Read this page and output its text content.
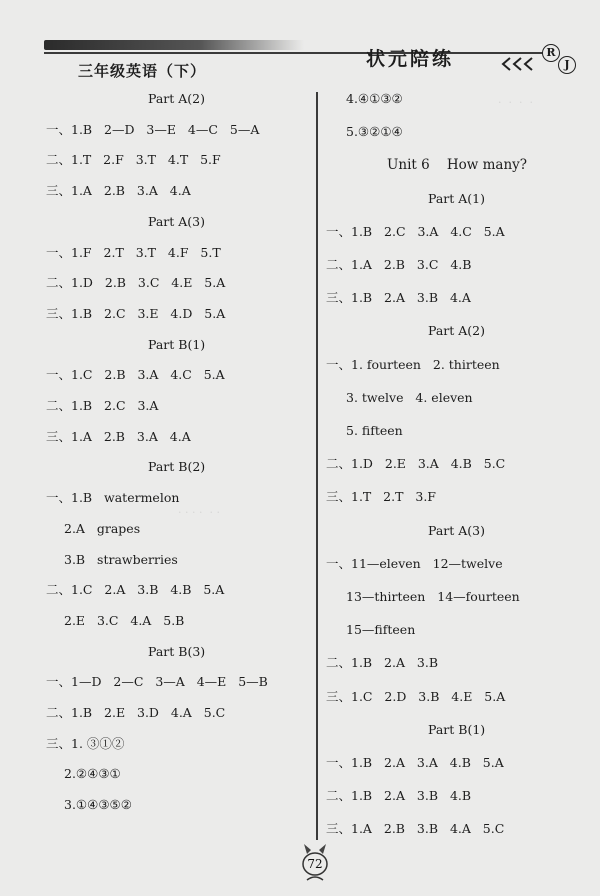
三年级英语（下）
状元陪练	R
J
·  ·  ·  ·
· · · ·  · ·
Part A(2)
一、1.B   2—D   3—E   4—C   5—A
二、1.T   2.F   3.T   4.T   5.F
三、1.A   2.B   3.A   4.A
Part A(3)
一、1.F   2.T   3.T   4.F   5.T
二、1.D   2.B   3.C   4.E   5.A
三、1.B   2.C   3.E   4.D   5.A
Part B(1)
一、1.C   2.B   3.A   4.C   5.A
二、1.B   2.C   3.A
三、1.A   2.B   3.A   4.A
Part B(2)
一、1.B   watermelon
2.A   grapes
3.B   strawberries
二、1.C   2.A   3.B   4.B   5.A
2.E   3.C   4.A   5.B
Part B(3)
一、1—D   2—C   3—A   4—E   5—B
二、1.B   2.E   3.D   4.A   5.C
三、1. ③①②
2.②④③①
3.①④③⑤②
4.④①③②
5.③②①④
Unit 6    How many?
Part A(1)
一、1.B   2.C   3.A   4.C   5.A
二、1.A   2.B   3.C   4.B
三、1.B   2.A   3.B   4.A
Part A(2)
一、1. fourteen   2. thirteen
3. twelve   4. eleven
5. fifteen
二、1.D   2.E   3.A   4.B   5.C
三、1.T   2.T   3.F
Part A(3)
一、11—eleven   12—twelve
13—thirteen   14—fourteen
15—fifteen
二、1.B   2.A   3.B
三、1.C   2.D   3.B   4.E   5.A
Part B(1)
一、1.B   2.A   3.A   4.B   5.A
二、1.B   2.A   3.B   4.B
三、1.A   2.B   3.B   4.A   5.C
72
